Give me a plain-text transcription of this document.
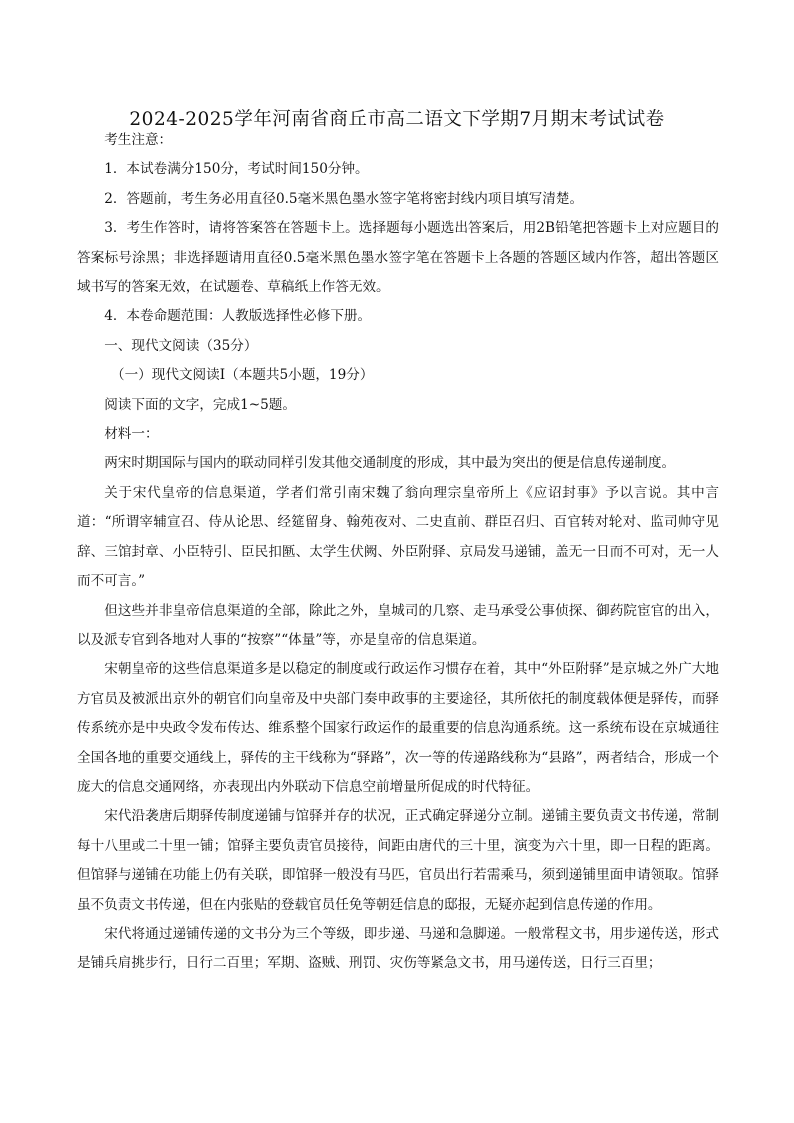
2024-2025学年河南省商丘市高二语文下学期7月期末考试试卷

考生注意：

1．本试卷满分150分，考试时间150分钟。

2．答题前，考生务必用直径0.5毫米黑色墨水签字笔将密封线内项目填写清楚。

3．考生作答时，请将答案答在答题卡上。选择题每小题选出答案后，用2B铅笔把答题卡上对应题目的答案标号涂黑；非选择题请用直径0.5毫米黑色墨水签字笔在答题卡上各题的答题区域内作答，超出答题区域书写的答案无效，在试题卷、草稿纸上作答无效。

4．本卷命题范围：人教版选择性必修下册。

一、现代文阅读（35分）

（一）现代文阅读I（本题共5小题，19分）

阅读下面的文字，完成1~5题。

材料一：

两宋时期国际与国内的联动同样引发其他交通制度的形成，其中最为突出的便是信息传递制度。

关于宋代皇帝的信息渠道，学者们常引南宋魏了翁向理宗皇帝所上《应诏封事》予以言说。其中言道：“所谓宰辅宣召、侍从论思、经筵留身、翰苑夜对、二史直前、群臣召归、百官转对轮对、监司帅守见辞、三馆封章、小臣特引、臣民扣匦、太学生伏阙、外臣附驿、京局发马递铺，盖无一日而不可对，无一人而不可言。”

但这些并非皇帝信息渠道的全部，除此之外，皇城司的几察、走马承受公事侦探、御药院宦官的出入，以及派专官到各地对人事的“按察”“体量”等，亦是皇帝的信息渠道。

宋朝皇帝的这些信息渠道多是以稳定的制度或行政运作习惯存在着，其中“外臣附驿”是京城之外广大地方官员及被派出京外的朝官们向皇帝及中央部门奏申政事的主要途径，其所依托的制度载体便是驿传，而驿传系统亦是中央政令发布传达、维系整个国家行政运作的最重要的信息沟通系统。这一系统布设在京城通往全国各地的重要交通线上，驿传的主干线称为“驿路”，次一等的传递路线称为“县路”，两者结合，形成一个庞大的信息交通网络，亦表现出内外联动下信息空前增量所促成的时代特征。

宋代沿袭唐后期驿传制度递铺与馆驿并存的状况，正式确定驿递分立制。递铺主要负责文书传递，常制每十八里或二十里一铺；馆驿主要负责官员接待，间距由唐代的三十里，演变为六十里，即一日程的距离。但馆驿与递铺在功能上仍有关联，即馆驿一般没有马匹，官员出行若需乘马，须到递铺里面申请领取。馆驿虽不负责文书传递，但在内张贴的登载官员任免等朝廷信息的邸报，无疑亦起到信息传递的作用。

宋代将通过递铺传递的文书分为三个等级，即步递、马递和急脚递。一般常程文书，用步递传送，形式是铺兵肩挑步行，日行二百里；军期、盗贼、刑罚、灾伤等紧急文书，用马递传送，日行三百里；
